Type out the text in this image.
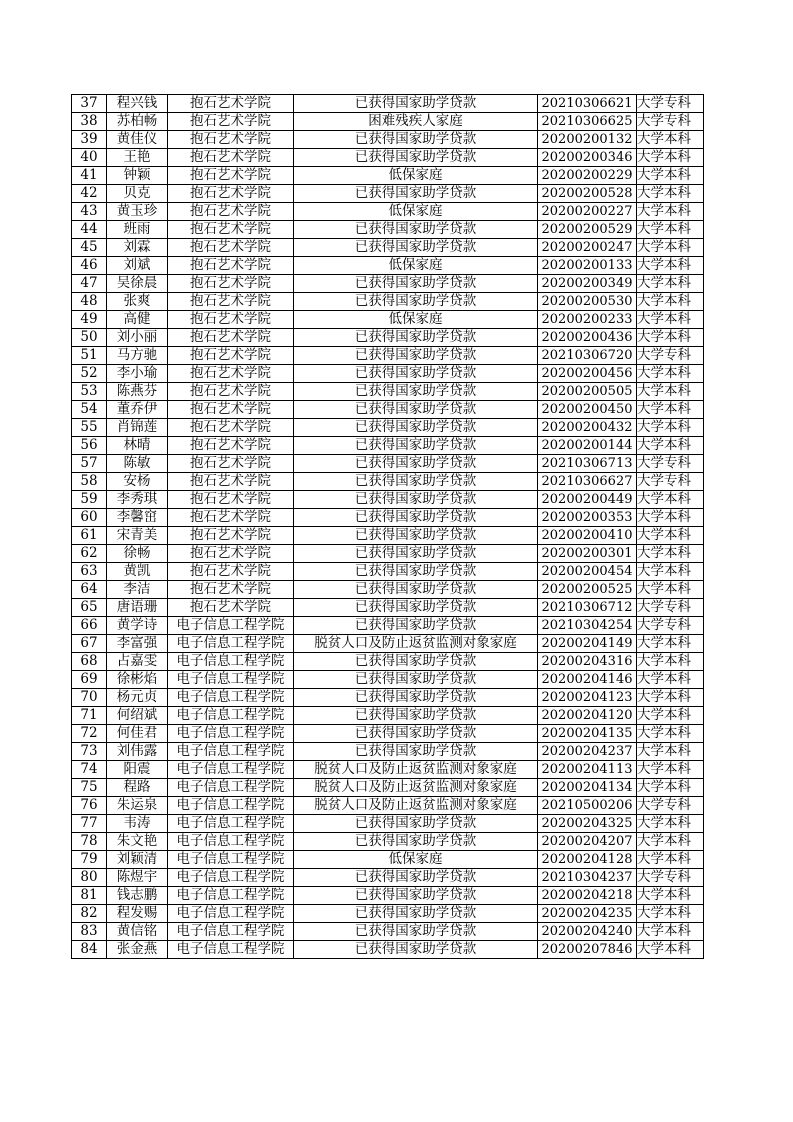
37	程兴钱	抱石艺术学院	已获得国家助学贷款	20210306621	大学专科
38	苏柏畅	抱石艺术学院	困难残疾人家庭	20210306625	大学专科
39	黄佳仪	抱石艺术学院	已获得国家助学贷款	20200200132	大学本科
40	王艳	抱石艺术学院	已获得国家助学贷款	20200200346	大学本科
41	钟颖	抱石艺术学院	低保家庭	20200200229	大学本科
42	贝克	抱石艺术学院	已获得国家助学贷款	20200200528	大学本科
43	黄玉珍	抱石艺术学院	低保家庭	20200200227	大学本科
44	班雨	抱石艺术学院	已获得国家助学贷款	20200200529	大学本科
45	刘霖	抱石艺术学院	已获得国家助学贷款	20200200247	大学本科
46	刘斌	抱石艺术学院	低保家庭	20200200133	大学本科
47	吴徐晨	抱石艺术学院	已获得国家助学贷款	20200200349	大学本科
48	张爽	抱石艺术学院	已获得国家助学贷款	20200200530	大学本科
49	高健	抱石艺术学院	低保家庭	20200200233	大学本科
50	刘小丽	抱石艺术学院	已获得国家助学贷款	20200200436	大学本科
51	马方驰	抱石艺术学院	已获得国家助学贷款	20210306720	大学专科
52	李小瑜	抱石艺术学院	已获得国家助学贷款	20200200456	大学本科
53	陈燕芬	抱石艺术学院	已获得国家助学贷款	20200200505	大学本科
54	董乔伊	抱石艺术学院	已获得国家助学贷款	20200200450	大学本科
55	肖锦莲	抱石艺术学院	已获得国家助学贷款	20200200432	大学本科
56	林晴	抱石艺术学院	已获得国家助学贷款	20200200144	大学本科
57	陈敏	抱石艺术学院	已获得国家助学贷款	20210306713	大学专科
58	安杨	抱石艺术学院	已获得国家助学贷款	20210306627	大学专科
59	李秀琪	抱石艺术学院	已获得国家助学贷款	20200200449	大学本科
60	李馨窋	抱石艺术学院	已获得国家助学贷款	20200200353	大学本科
61	宋青美	抱石艺术学院	已获得国家助学贷款	20200200410	大学本科
62	徐畅	抱石艺术学院	已获得国家助学贷款	20200200301	大学本科
63	黄凯	抱石艺术学院	已获得国家助学贷款	20200200454	大学本科
64	李洁	抱石艺术学院	已获得国家助学贷款	20200200525	大学本科
65	唐语珊	抱石艺术学院	已获得国家助学贷款	20210306712	大学专科
66	黄学诗	电子信息工程学院	已获得国家助学贷款	20210304254	大学专科
67	李富强	电子信息工程学院	脱贫人口及防止返贫监测对象家庭	20200204149	大学本科
68	占嘉雯	电子信息工程学院	已获得国家助学贷款	20200204316	大学本科
69	徐彬焰	电子信息工程学院	已获得国家助学贷款	20200204146	大学本科
70	杨元贞	电子信息工程学院	已获得国家助学贷款	20200204123	大学本科
71	何绍斌	电子信息工程学院	已获得国家助学贷款	20200204120	大学本科
72	何佳君	电子信息工程学院	已获得国家助学贷款	20200204135	大学本科
73	刘伟露	电子信息工程学院	已获得国家助学贷款	20200204237	大学本科
74	阳震	电子信息工程学院	脱贫人口及防止返贫监测对象家庭	20200204113	大学本科
75	程路	电子信息工程学院	脱贫人口及防止返贫监测对象家庭	20200204134	大学本科
76	朱运泉	电子信息工程学院	脱贫人口及防止返贫监测对象家庭	20210500206	大学专科
77	韦涛	电子信息工程学院	已获得国家助学贷款	20200204325	大学本科
78	朱文艳	电子信息工程学院	已获得国家助学贷款	20200204207	大学本科
79	刘颖清	电子信息工程学院	低保家庭	20200204128	大学本科
80	陈煜宇	电子信息工程学院	已获得国家助学贷款	20210304237	大学专科
81	钱志鹏	电子信息工程学院	已获得国家助学贷款	20200204218	大学本科
82	程发赐	电子信息工程学院	已获得国家助学贷款	20200204235	大学本科
83	黄信铭	电子信息工程学院	已获得国家助学贷款	20200204240	大学本科
84	张金燕	电子信息工程学院	已获得国家助学贷款	20200207846	大学本科
